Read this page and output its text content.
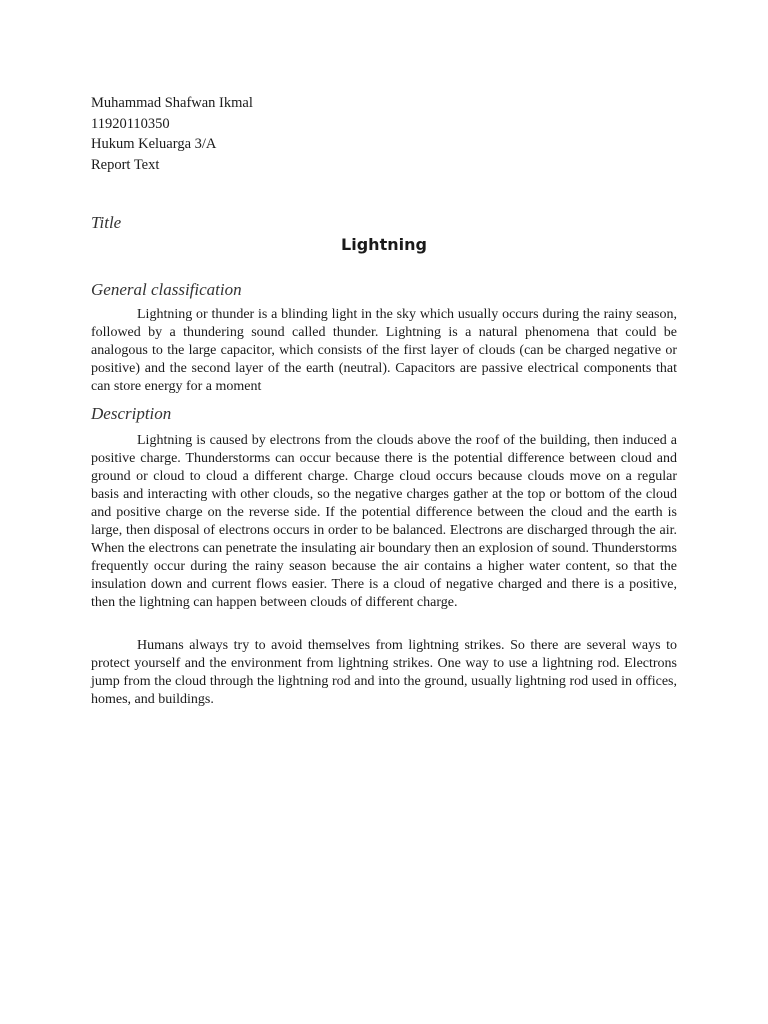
Muhammad Shafwan Ikmal
11920110350
Hukum Keluarga 3/A
Report Text
Title
Lightning
General classification

Lightning or thunder is a blinding light in the sky which usually occurs during the rainy season, followed by a thundering sound called thunder. Lightning is a natural phenomena that could be analogous to the large capacitor, which consists of the first layer of clouds (can be charged negative or positive) and the second layer of the earth (neutral). Capacitors are passive electrical components that can store energy for a moment

Description

Lightning is caused by electrons from the clouds above the roof of the building, then induced a positive charge. Thunderstorms can occur because there is the potential difference between cloud and ground or cloud to cloud a different charge. Charge cloud occurs because clouds move on a regular basis and interacting with other clouds, so the negative charges gather at the top or bottom of the cloud and positive charge on the reverse side. If the potential difference between the cloud and the earth is large, then disposal of electrons occurs in order to be balanced. Electrons are discharged through the air. When the electrons can penetrate the insulating air boundary then an explosion of sound. Thunderstorms frequently occur during the rainy season because the air contains a higher water content, so that the insulation down and current flows easier. There is a cloud of negative charged and there is a positive, then the lightning can happen between clouds of different charge.

Humans always try to avoid themselves from lightning strikes. So there are several ways to protect yourself and the environment from lightning strikes. One way to use a lightning rod. Electrons jump from the cloud through the lightning rod and into the ground, usually lightning rod used in offices, homes, and buildings.
